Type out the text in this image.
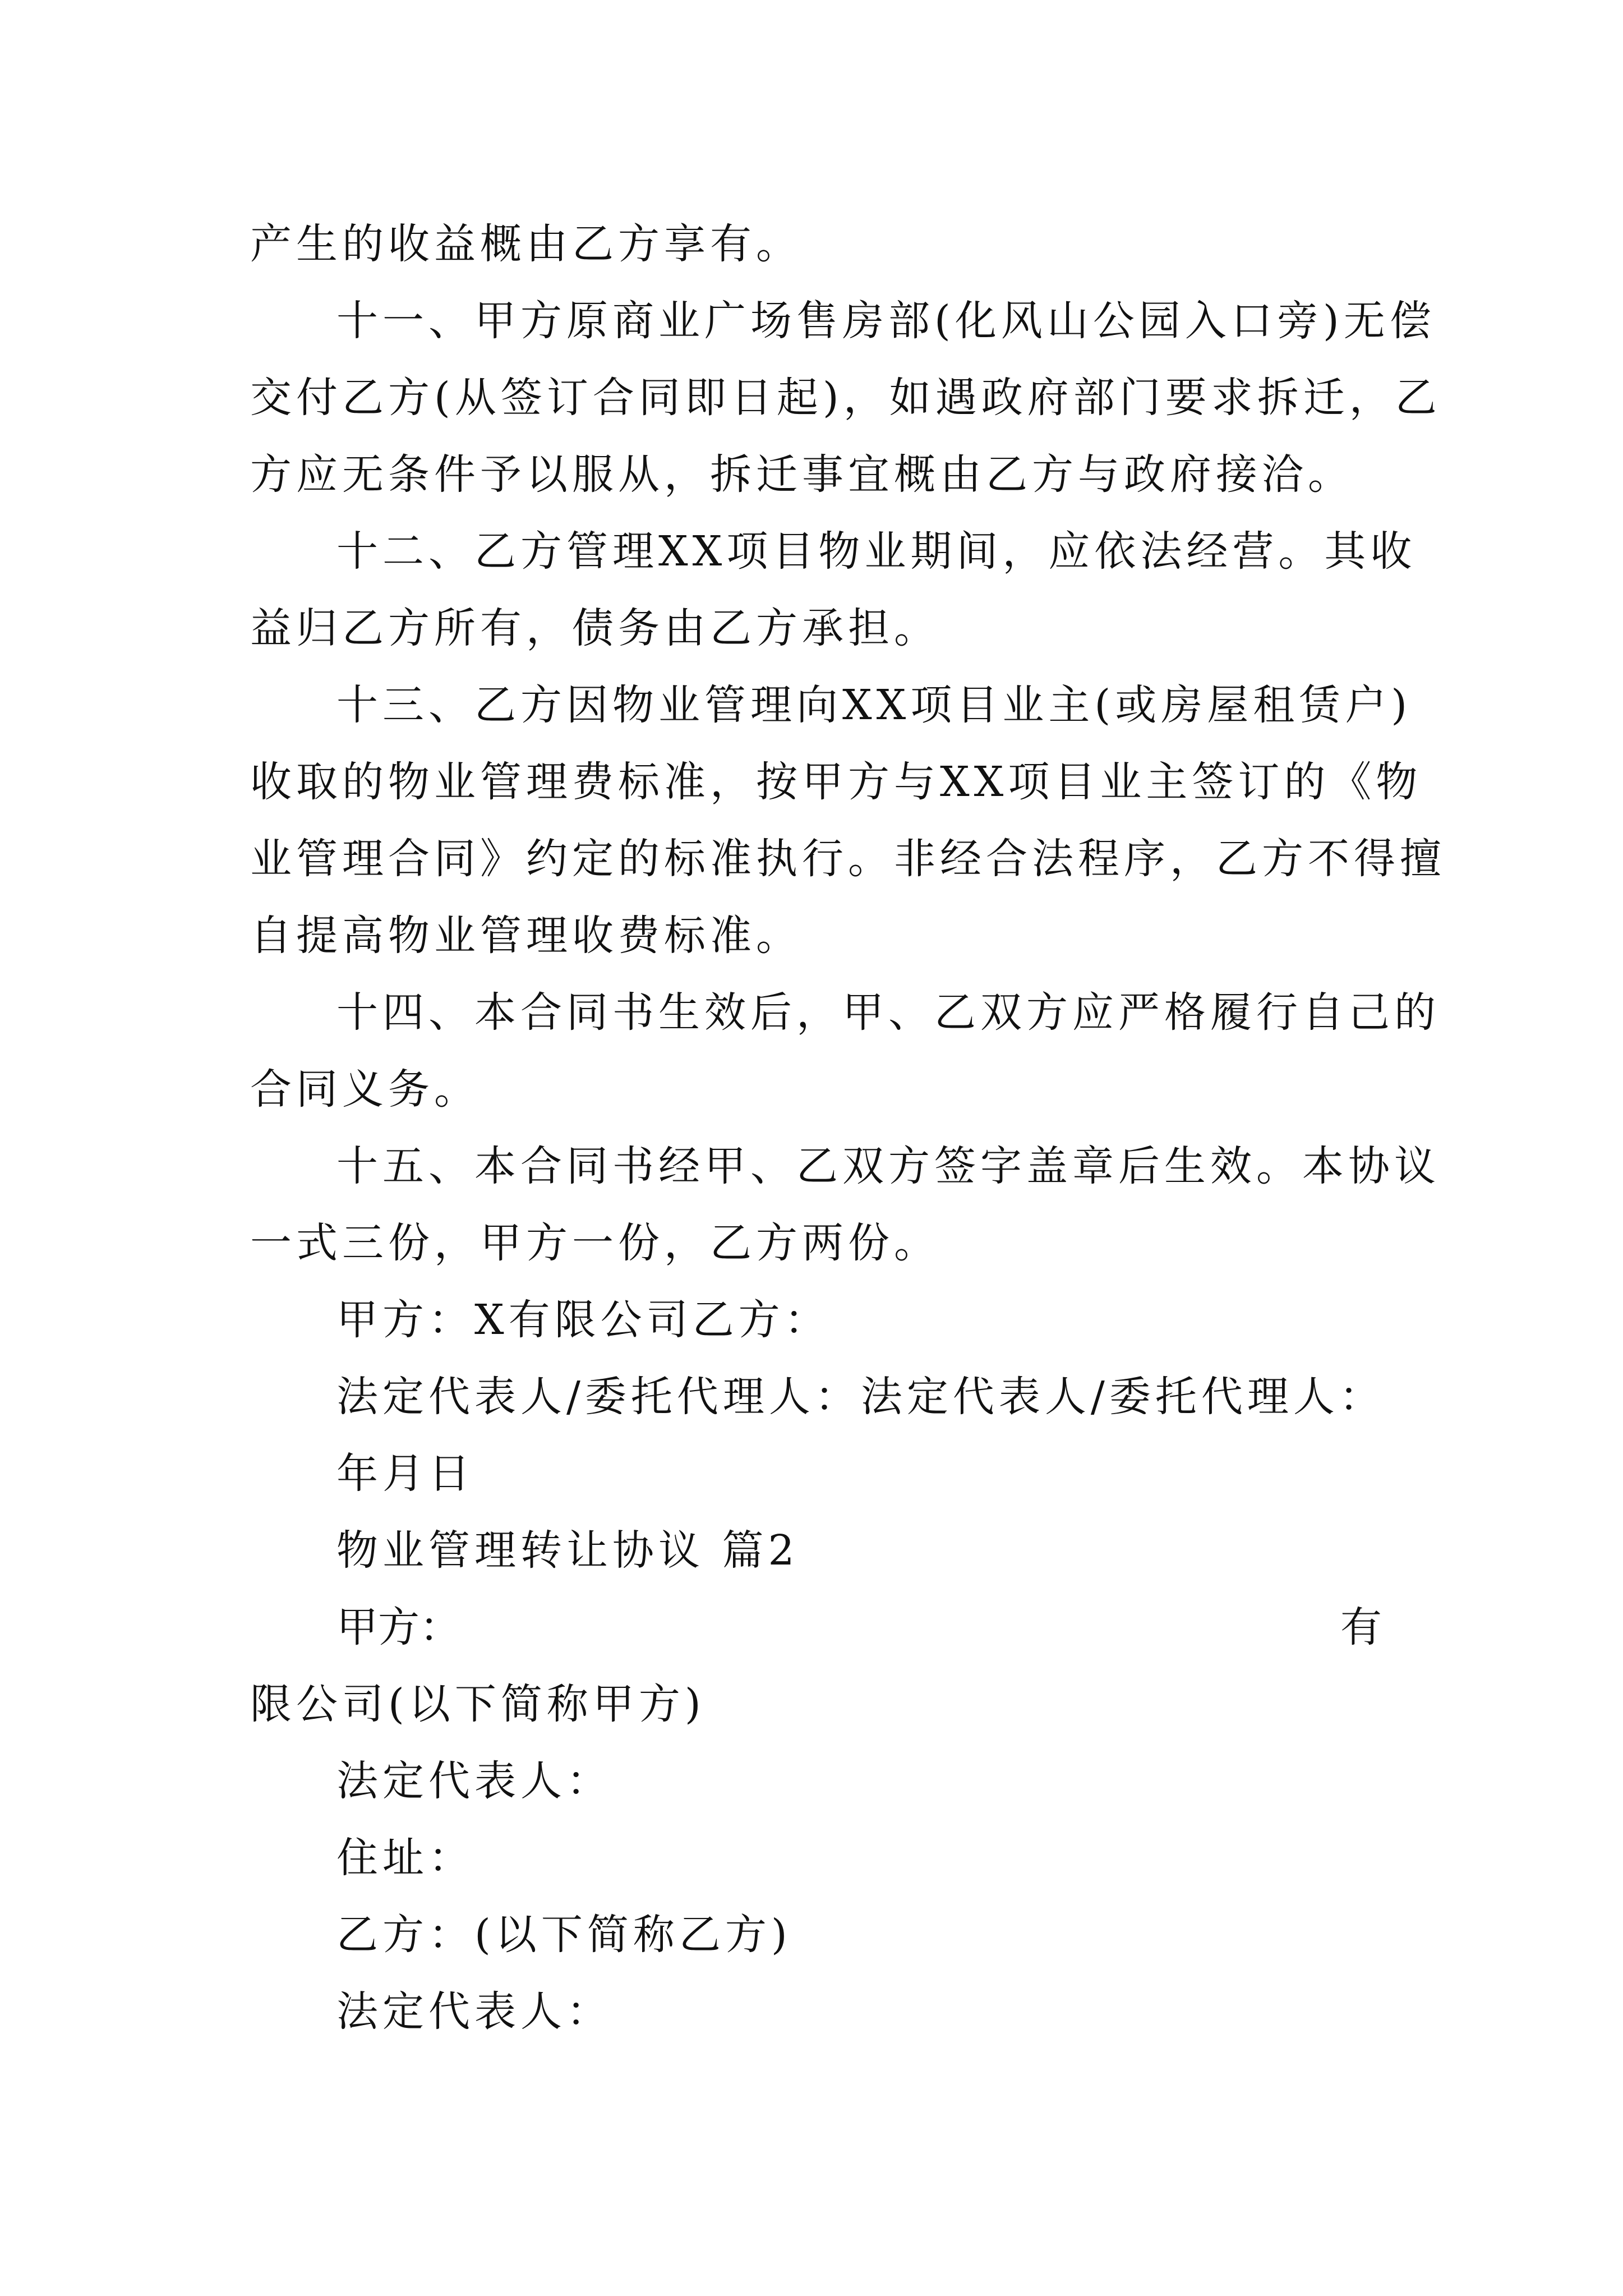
产生的收益概由乙方享有。
十一、甲方原商业广场售房部(化风山公园入口旁)无偿
交付乙方(从签订合同即日起)，如遇政府部门要求拆迁，乙
方应无条件予以服从，拆迁事宜概由乙方与政府接洽。
十二、乙方管理XX项目物业期间，应依法经营。其收
益归乙方所有，债务由乙方承担。
十三、乙方因物业管理向XX项目业主(或房屋租赁户)
收取的物业管理费标准，按甲方与XX项目业主签订的《物
业管理合同》约定的标准执行。非经合法程序，乙方不得擅
自提高物业管理收费标准。
十四、本合同书生效后，甲、乙双方应严格履行自己的
合同义务。
十五、本合同书经甲、乙双方签字盖章后生效。本协议
一式三份，甲方一份，乙方两份。
甲方：X有限公司乙方：
法定代表人/委托代理人：法定代表人/委托代理人：
年月日
物业管理转让协议 篇2
甲方：	有
限公司(以下简称甲方)
法定代表人：
住址：
乙方：(以下简称乙方)
法定代表人：
